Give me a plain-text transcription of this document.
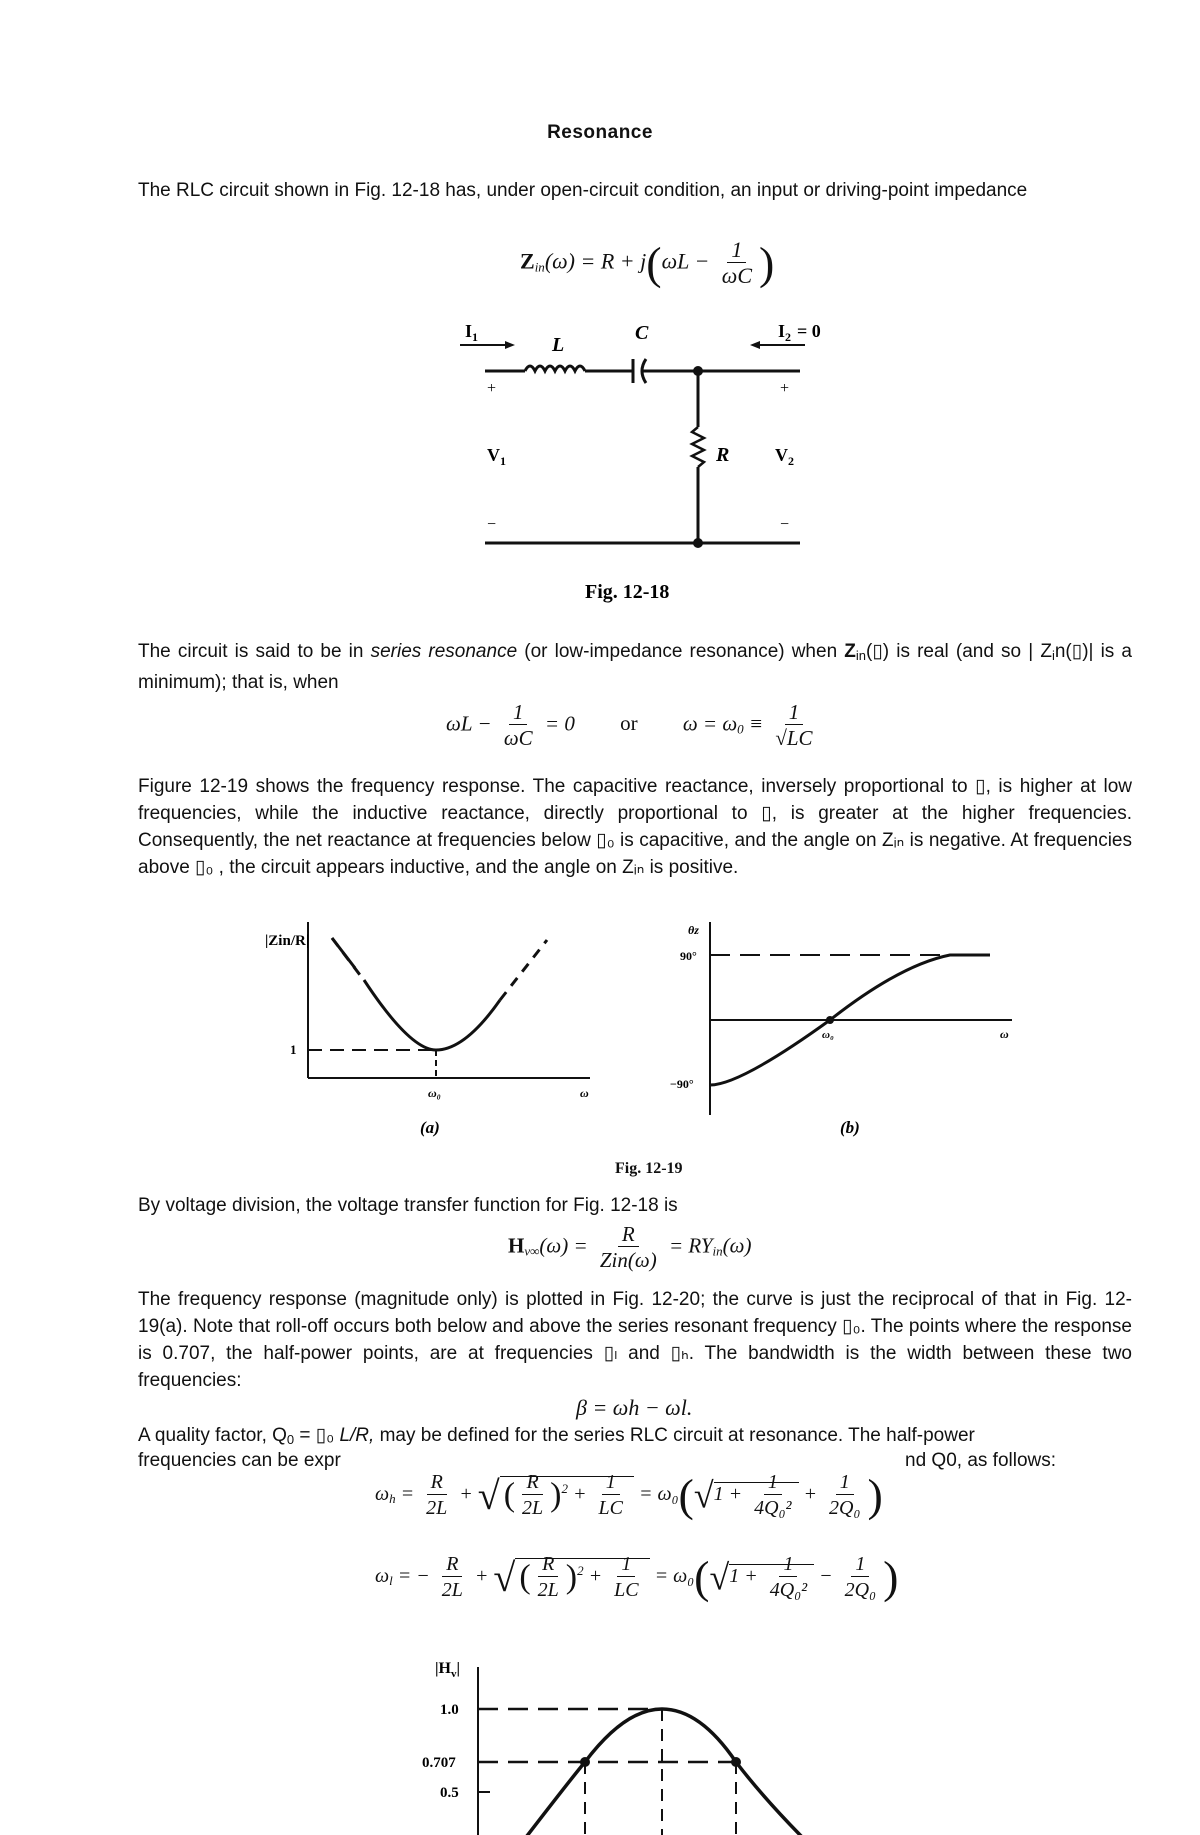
Resonance
The RLC circuit shown in Fig. 12-18 has, under open-circuit condition, an input or driving-point impedance
$Z_{in}(\omega) = R + j(\omega L - \frac{1}{\omega C}$ )
$I_1$	L
C	$I_2 = 0$
+	+
$V_1$	R	$V_2$
−	−
Fig. 12-18
The circuit is said to be in series resonance (or low-impedance resonance) when $Z_{in}(▯)$ is real (and so | $Z_in(▯)|$ is a minimum); that is, when
$\omega L - \frac{1}{\omega C} = 0$ or $\omega = \omega_0 \equiv \frac{1}{√LC}$
Figure 12-19 shows the frequency response. The capacitive reactance, inversely proportional to ▯, is higher at low frequencies, while the inductive reactance, directly proportional to ▯, is greater at the higher frequencies. Consequently, the net reactance at frequencies below ▯₀ is capacitive, and the angle on Zᵢₙ is negative. At frequencies above ▯₀ , the circuit appears inductive, and the angle on Zᵢₙ is positive.
|Zin/R|
1
ω₀	ω
(a)
θz
90°
−90°
ω₀	ω
(b)
Fig. 12-19
By voltage division, the voltage transfer function for Fig. 12-18 is
$H_{v\infty}(\omega) = \frac{R}{\text{Zin(ω)}} = RY_{in}(\omega)$
The frequency response (magnitude only) is plotted in Fig. 12-20; the curve is just the reciprocal of that in Fig. 12-19(a). Note that roll-off occurs both below and above the series resonant frequency ▯₀. The points where the response is 0.707, the half-power points, are at frequencies ▯ₗ and ▯ₕ. The bandwidth is the width between these two frequencies:
β = ωh − ωl.
A quality factor, $Q_0$ = ▯₀ L/R, may be defined for the series RLC circuit at resonance. The half-power
frequencies can be expr	nd Q0, as follows:
$\omega_h = \frac{R}{2L}$ + √ ( $\frac{R}{2L} )^2 + \frac{1}{LC} = \omega_0(√1 + \frac{1}{\text{4Q₀²}} + \frac{1}{\text{2Q₀}}$ )
$\omega_l$ = − $\frac{R}{2L}$ + √ ( $\frac{R}{2L} )^2 + \frac{1}{LC} = \omega_0(√1 + \frac{1}{\text{4Q₀²}} - \frac{1}{\text{2Q₀}}$ )
$|H_v|$
1.0
0.707
0.5
